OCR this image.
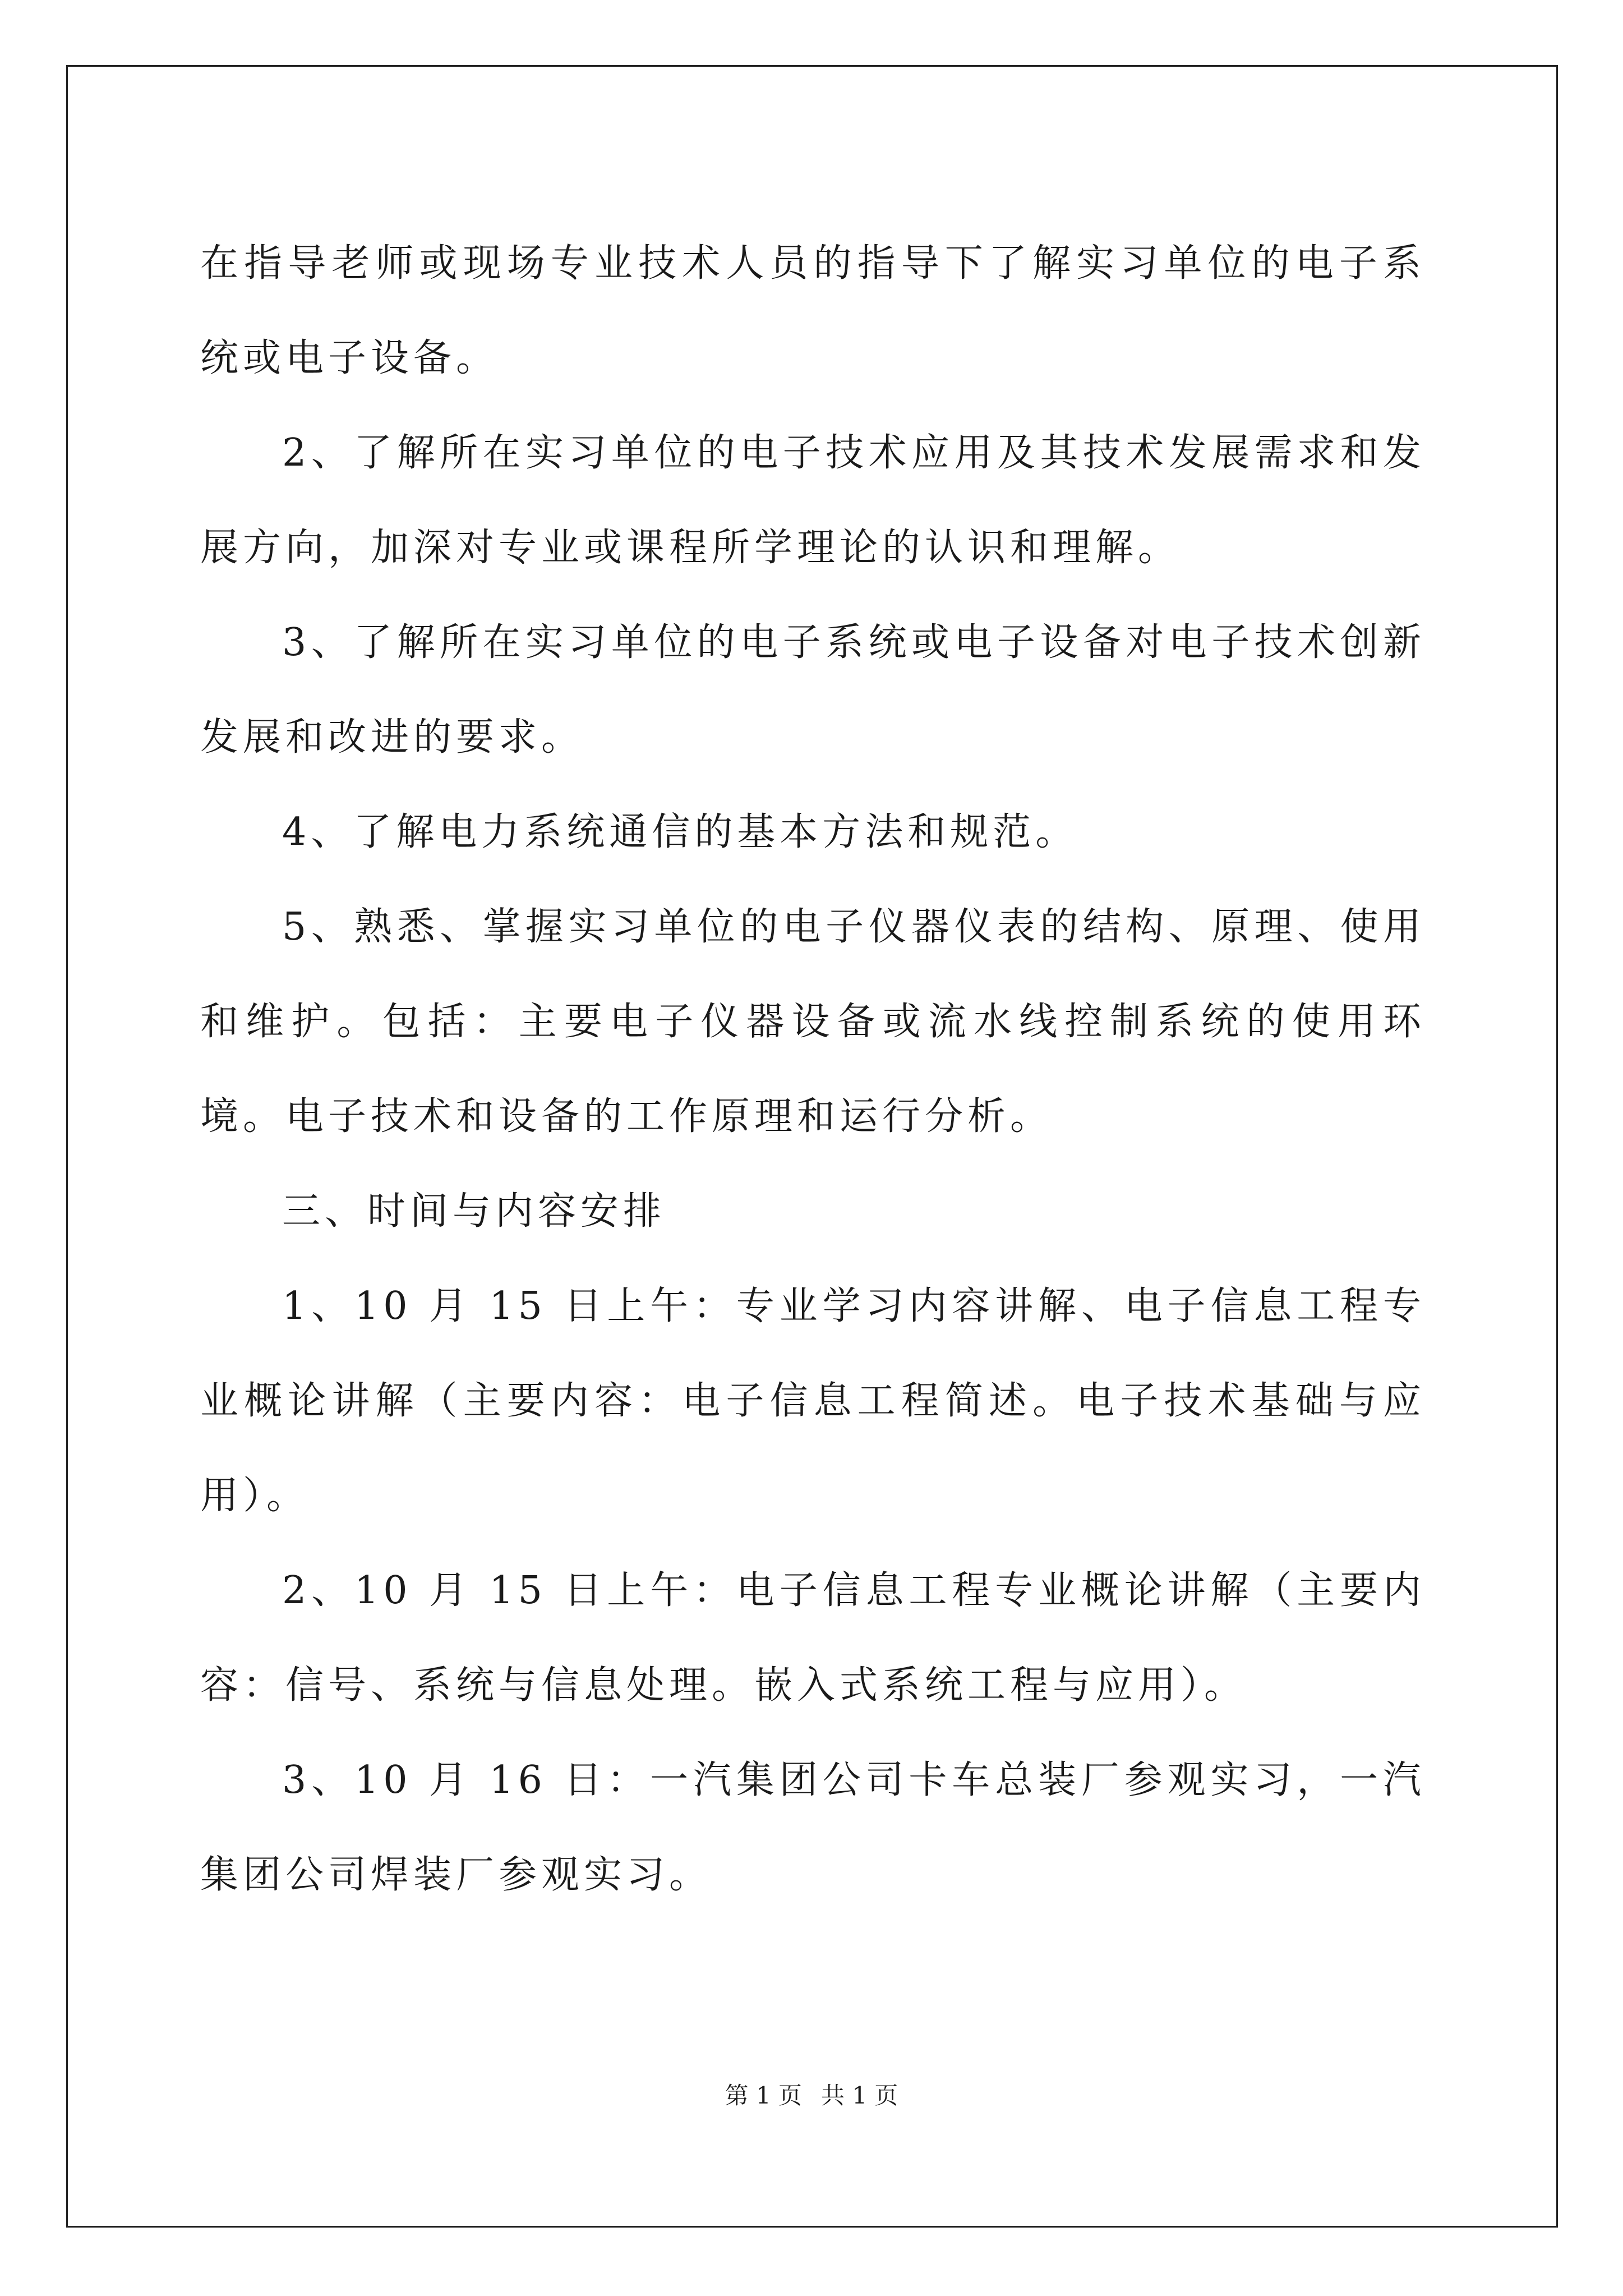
在指导老师或现场专业技术人员的指导下了解实习单位的电子系统或电子设备。

2、了解所在实习单位的电子技术应用及其技术发展需求和发展方向，加深对专业或课程所学理论的认识和理解。

3、了解所在实习单位的电子系统或电子设备对电子技术创新发展和改进的要求。

4、了解电力系统通信的基本方法和规范。

5、熟悉、掌握实习单位的电子仪器仪表的结构、原理、使用和维护。包括：主要电子仪器设备或流水线控制系统的使用环境。电子技术和设备的工作原理和运行分析。

三、时间与内容安排

1、10 月 15 日上午：专业学习内容讲解、电子信息工程专业概论讲解（主要内容：电子信息工程简述。电子技术基础与应用）。

2、10 月 15 日上午：电子信息工程专业概论讲解（主要内容：信号、系统与信息处理。嵌入式系统工程与应用）。

3、10 月 16 日：一汽集团公司卡车总装厂参观实习，一汽集团公司焊装厂参观实习。

第 1 页 共 1 页
